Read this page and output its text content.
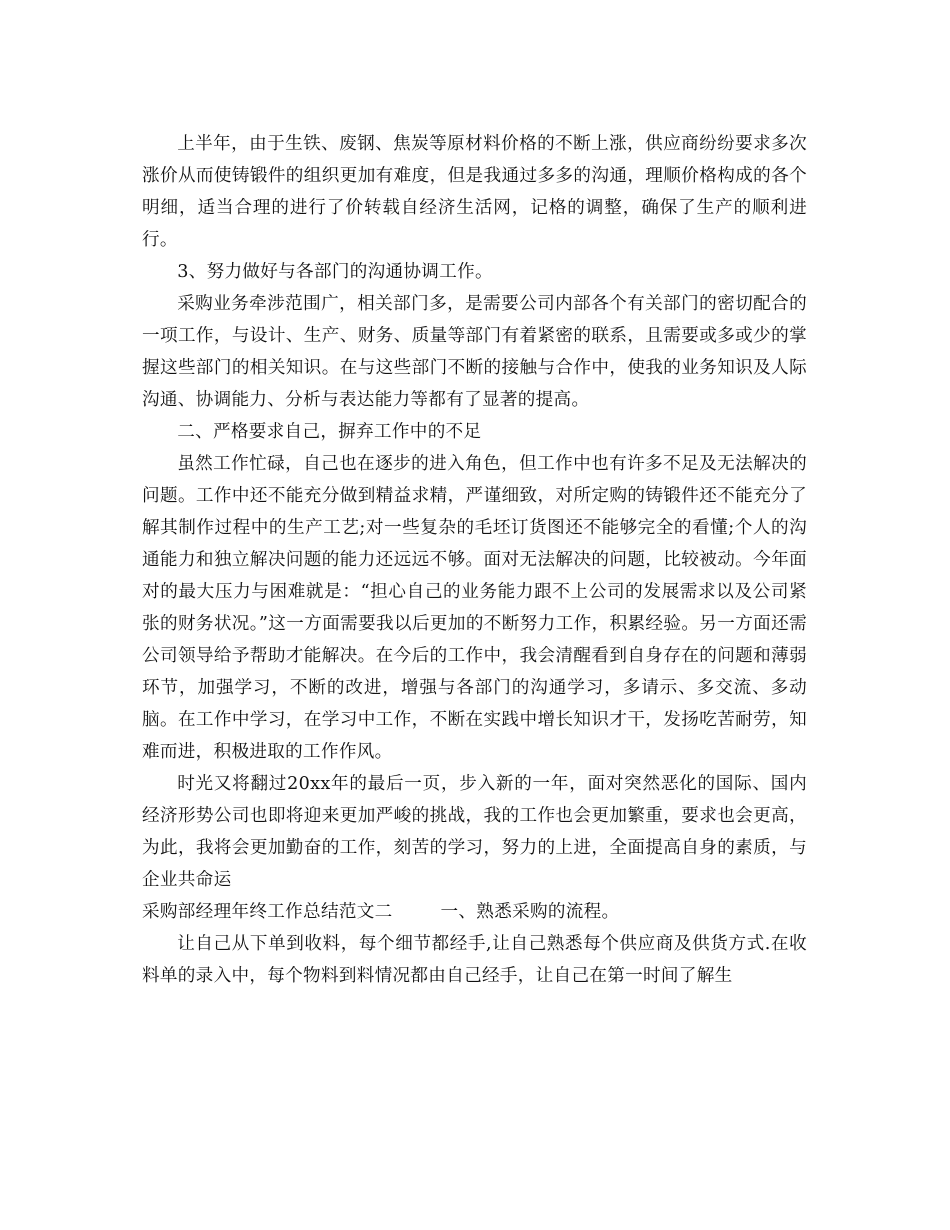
上半年，由于生铁、废钢、焦炭等原材料价格的不断上涨，供应商纷纷要求多次涨价从而使铸锻件的组织更加有难度，但是我通过多多的沟通，理顺价格构成的各个明细，适当合理的进行了价转载自经济生活网，记格的调整，确保了生产的顺利进行。

3、努力做好与各部门的沟通协调工作。

采购业务牵涉范围广，相关部门多，是需要公司内部各个有关部门的密切配合的一项工作，与设计、生产、财务、质量等部门有着紧密的联系，且需要或多或少的掌握这些部门的相关知识。在与这些部门不断的接触与合作中，使我的业务知识及人际沟通、协调能力、分析与表达能力等都有了显著的提高。

二、严格要求自己，摒弃工作中的不足

虽然工作忙碌，自己也在逐步的进入角色，但工作中也有许多不足及无法解决的问题。工作中还不能充分做到精益求精，严谨细致，对所定购的铸锻件还不能充分了解其制作过程中的生产工艺;对一些复杂的毛坯订货图还不能够完全的看懂;个人的沟通能力和独立解决问题的能力还远远不够。面对无法解决的问题，比较被动。今年面对的最大压力与困难就是：“担心自己的业务能力跟不上公司的发展需求以及公司紧张的财务状况。”这一方面需要我以后更加的不断努力工作，积累经验。另一方面还需公司领导给予帮助才能解决。在今后的工作中，我会清醒看到自身存在的问题和薄弱环节，加强学习，不断的改进，增强与各部门的沟通学习，多请示、多交流、多动脑。在工作中学习，在学习中工作，不断在实践中增长知识才干，发扬吃苦耐劳，知难而进，积极进取的工作作风。

时光又将翻过20xx年的最后一页，步入新的一年，面对突然恶化的国际、国内经济形势公司也即将迎来更加严峻的挑战，我的工作也会更加繁重，要求也会更高，为此，我将会更加勤奋的工作，刻苦的学习，努力的上进，全面提高自身的素质，与企业共命运

采购部经理年终工作总结范文二	一、熟悉采购的流程。

让自己从下单到收料，每个细节都经手,让自己熟悉每个供应商及供货方式.在收料单的录入中，每个物料到料情况都由自己经手，让自己在第一时间了解生
